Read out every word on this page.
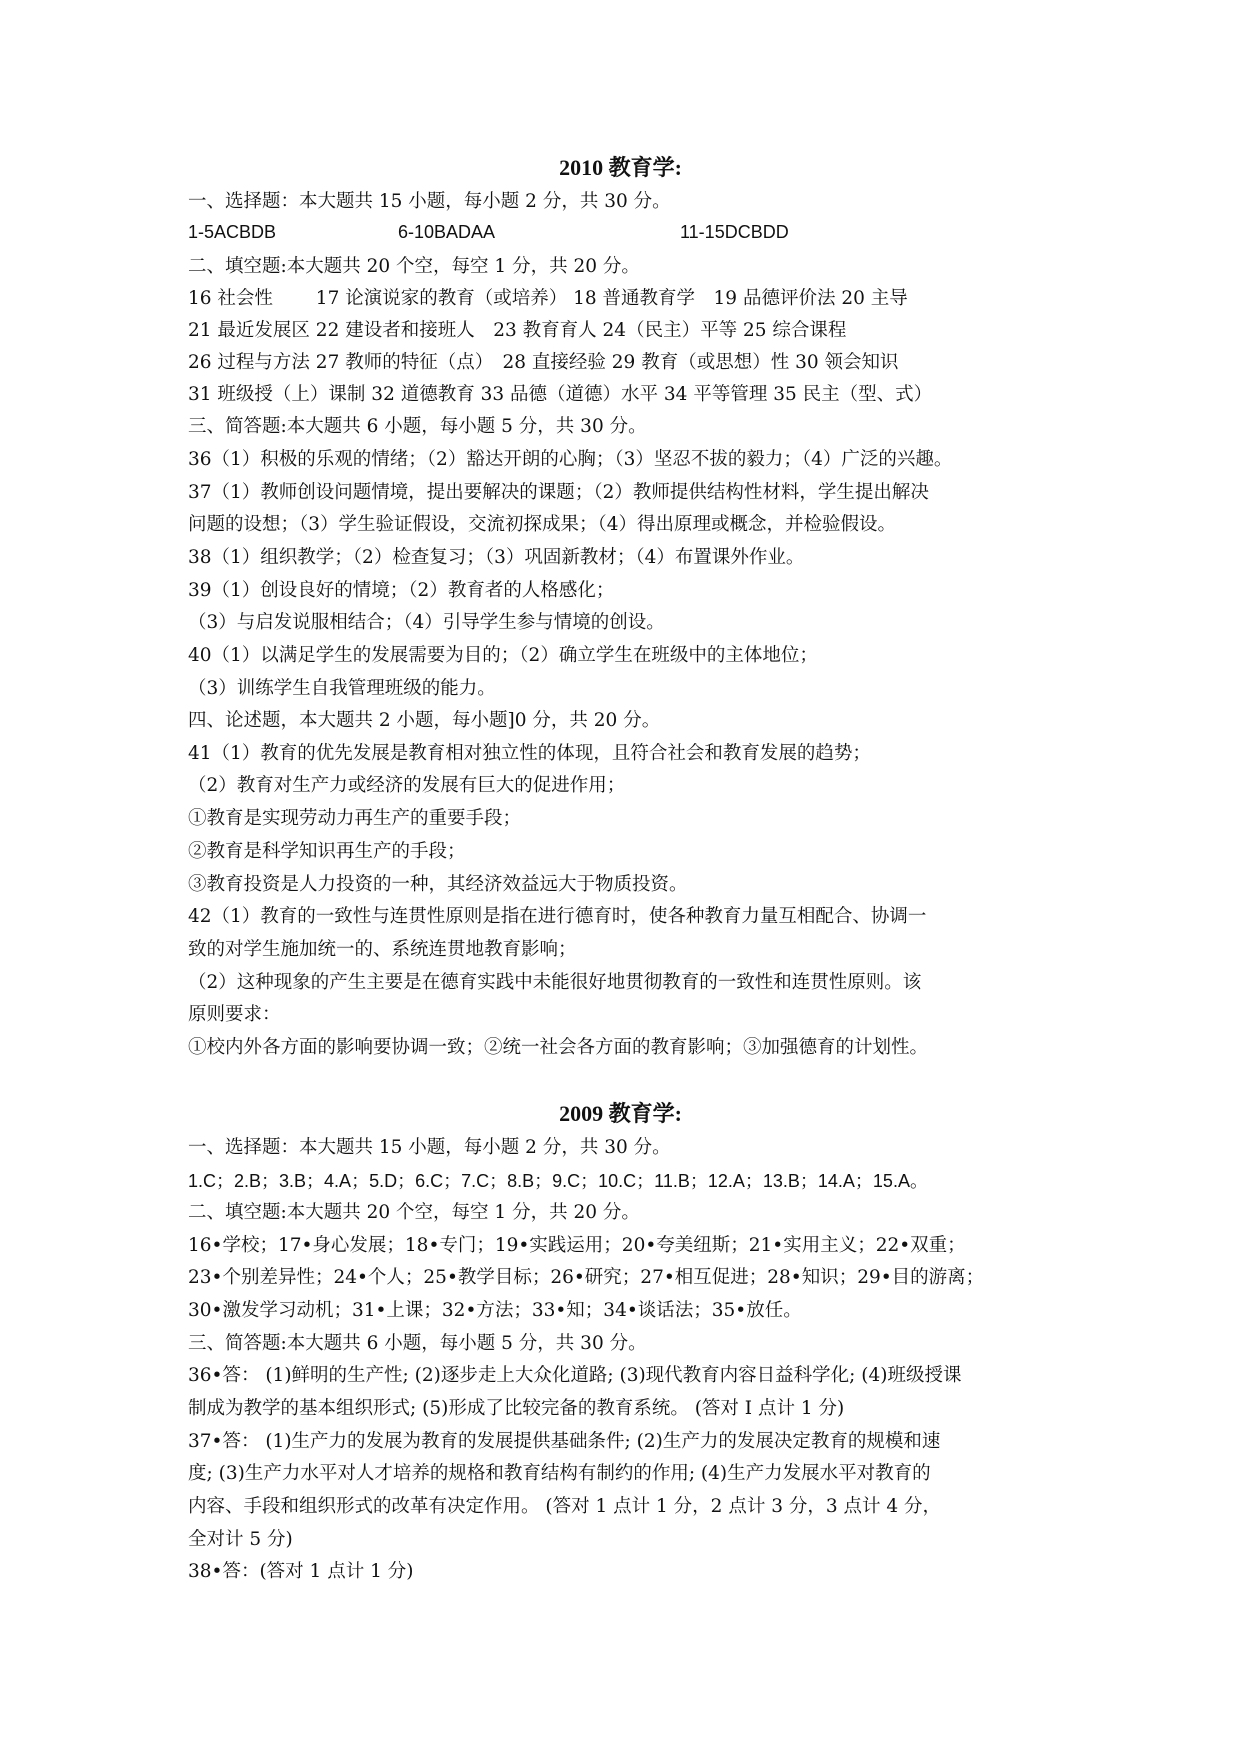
2010 教育学:
一、选择题：本大题共 15 小题，每小题 2 分，共 30 分。
1-5ACBDB	6-10BADAA	11-15DCBDD
二、填空题:本大题共 20 个空，每空 1 分，共 20 分。
16 社会性　　 17 论演说家的教育（或培养） 18 普通教育学　19 品德评价法 20 主导
21 最近发展区 22 建设者和接班人　23 教育育人 24（民主）平等 25 综合课程
26 过程与方法 27 教师的特征（点）　28 直接经验 29 教育（或思想）性 30 领会知识
31 班级授（上）课制 32 道德教育 33 品德（道德）水平 34 平等管理 35 民主（型、式）
三、简答题:本大题共 6 小题，每小题 5 分，共 30 分。
36（1）积极的乐观的情绪；（2）豁达开朗的心胸；（3）坚忍不拔的毅力；（4）广泛的兴趣。
37（1）教师创设问题情境，提出要解决的课题；（2）教师提供结构性材料，学生提出解决
问题的设想；（3）学生验证假设，交流初探成果；（4）得出原理或概念，并检验假设。
38（1）组织教学；（2）检查复习；（3）巩固新教材；（4）布置课外作业。
39（1）创设良好的情境；（2）教育者的人格感化；
（3）与启发说服相结合；（4）引导学生参与情境的创设。
40（1）以满足学生的发展需要为目的；（2）确立学生在班级中的主体地位；
（3）训练学生自我管理班级的能力。
四、论述题，本大题共 2 小题，每小题]0 分，共 20 分。
41（1）教育的优先发展是教育相对独立性的体现，且符合社会和教育发展的趋势；
（2）教育对生产力或经济的发展有巨大的促进作用；
①教育是实现劳动力再生产的重要手段；
②教育是科学知识再生产的手段；
③教育投资是人力投资的一种，其经济效益远大于物质投资。
42（1）教育的一致性与连贯性原则是指在进行德育时，使各种教育力量互相配合、协调一
致的对学生施加统一的、系统连贯地教育影响；
（2）这种现象的产生主要是在德育实践中未能很好地贯彻教育的一致性和连贯性原则。该
原则要求：
①校内外各方面的影响要协调一致；②统一社会各方面的教育影响；③加强德育的计划性。
2009 教育学:
一、选择题：本大题共 15 小题，每小题 2 分，共 30 分。
1.C；2.B；3.B；4.A；5.D；6.C；7.C；8.B；9.C；10.C；11.B；12.A；13.B；14.A；15.A。
二、填空题:本大题共 20 个空，每空 1 分，共 20 分。
16•学校；17•身心发展；18•专门；19•实践运用；20•夸美纽斯；21•实用主义；22•双重；
23•个别差异性；24•个人；25•教学目标；26•研究；27•相互促进；28•知识；29•目的游离；
30•激发学习动机；31•上课；32•方法；33•知；34•谈话法；35•放任。
三、简答题:本大题共 6 小题，每小题 5 分，共 30 分。
36•答： (1)鲜明的生产性; (2)逐步走上大众化道路; (3)现代教育内容日益科学化; (4)班级授课
制成为教学的基本组织形式; (5)形成了比较完备的教育系统。 (答对 I 点计 1 分)
37•答： (1)生产力的发展为教育的发展提供基础条件; (2)生产力的发展决定教育的规模和速
度; (3)生产力水平对人才培养的规格和教育结构有制约的作用; (4)生产力发展水平对教育的
内容、手段和组织形式的改革有决定作用。 (答对 1 点计 1 分，2 点计 3 分，3 点计 4 分，
全对计 5 分)
38•答：(答对 1 点计 1 分)
